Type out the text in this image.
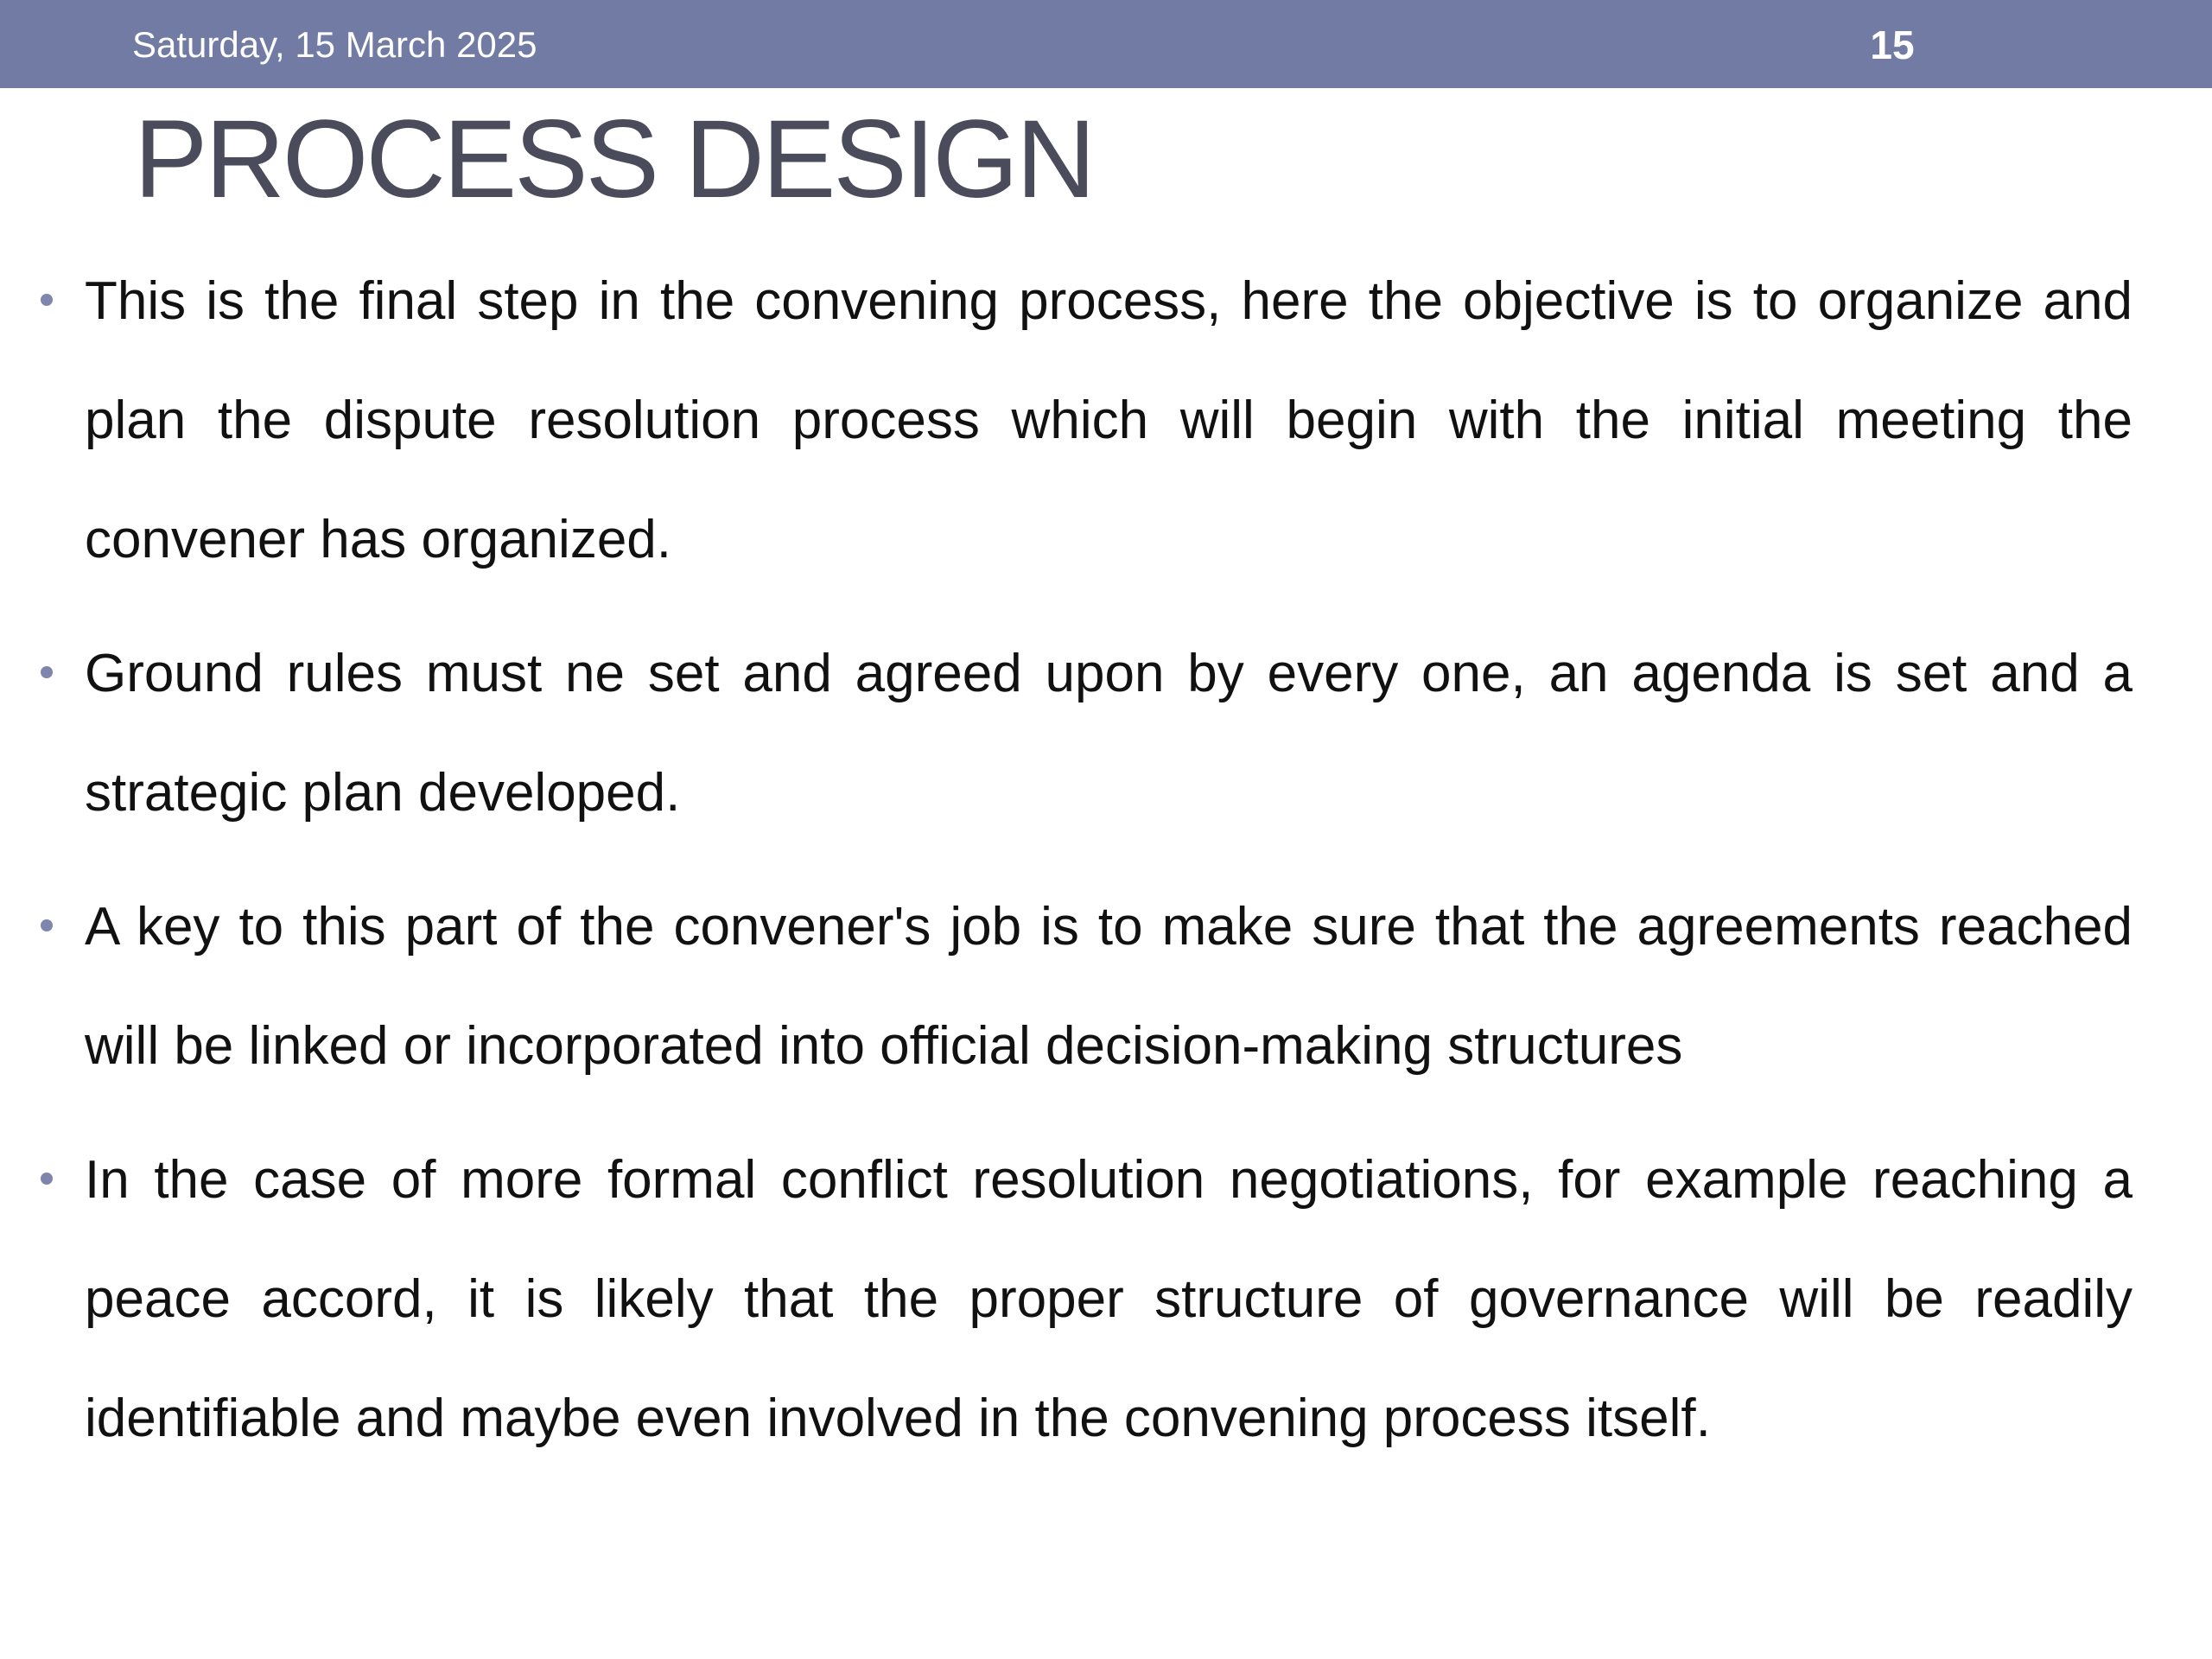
Saturday, 15 March 2025	15
PROCESS DESIGN
This is the final step in the convening process, here the objective is to organize and plan the dispute resolution process which will begin with the initial meeting the convener has organized.
Ground rules must ne set and agreed upon by every one, an agenda is set and a strategic plan developed.
A key to this part of the convener's job is to make sure that the agreements reached will be linked or incorporated into official decision-making structures
In the case of more formal conflict resolution negotiations, for example reaching a peace accord, it is likely that the proper structure of governance will be readily identifiable and maybe even involved in the convening process itself.
